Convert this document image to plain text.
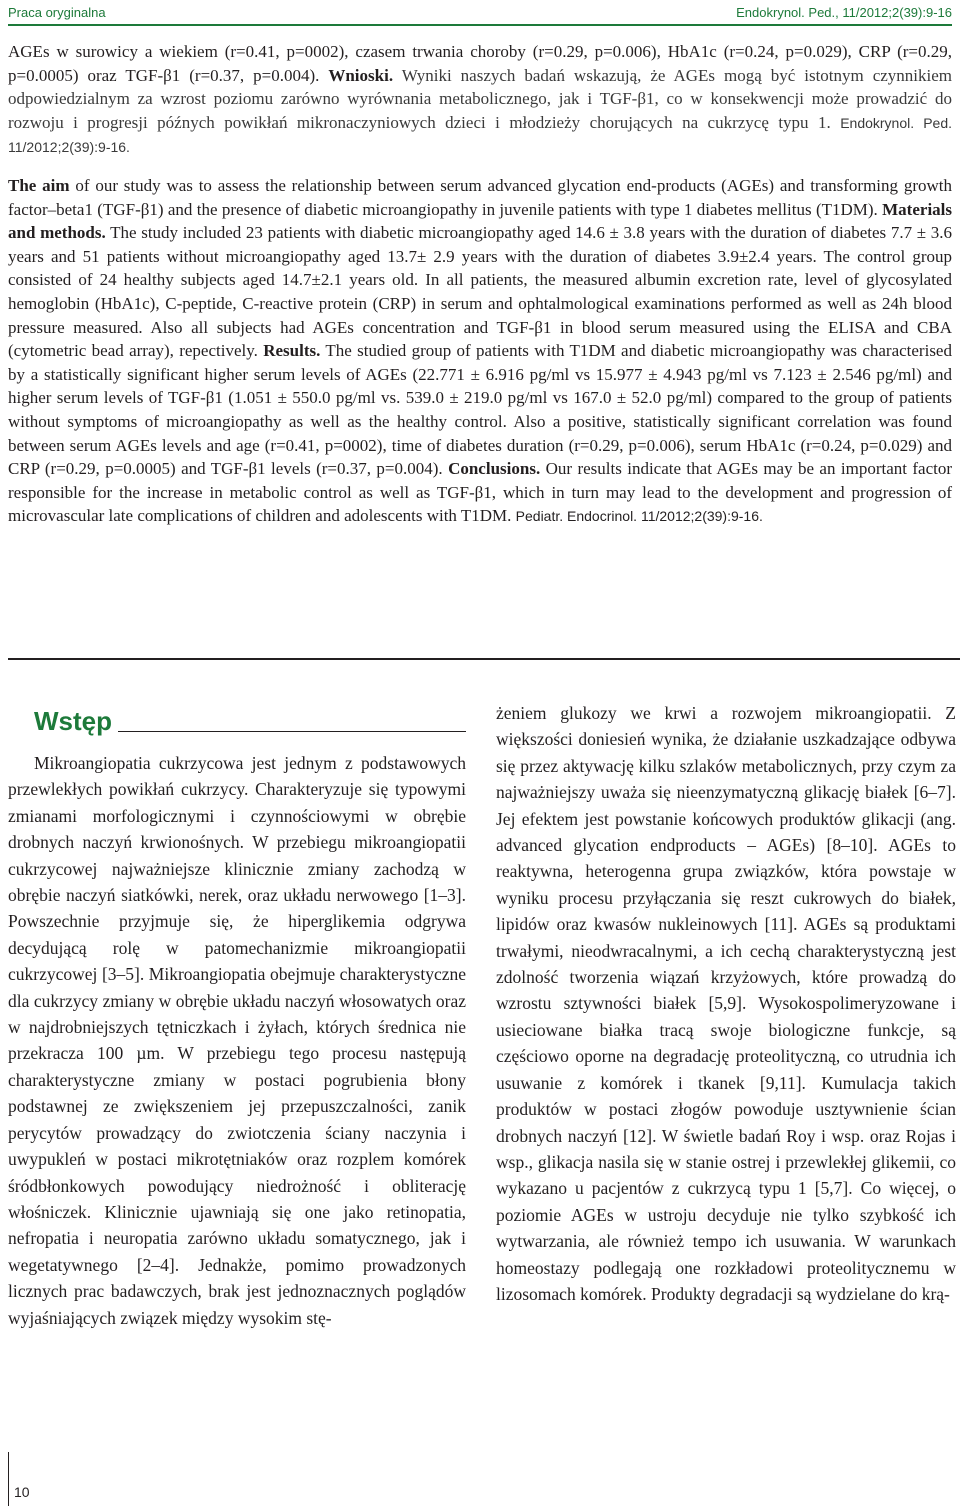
Praca oryginalna	Endokrynol. Ped., 11/2012;2(39):9-16

AGEs w surowicy a wiekiem (r=0.41, p=0002), czasem trwania choroby (r=0.29, p=0.006), HbA1c (r=0.24, p=0.029), CRP (r=0.29, p=0.0005) oraz TGF-β1 (r=0.37, p=0.004). Wnioski. Wyniki naszych badań wskazują, że AGEs mogą być istotnym czynnikiem odpowiedzialnym za wzrost poziomu zarówno wyrównania metabolicznego, jak i TGF-β1, co w konsekwencji może prowadzić do rozwoju i progresji późnych powikłań mikronaczyniowych dzieci i młodzieży chorujących na cukrzycę typu 1. Endokrynol. Ped. 11/2012;2(39):9-16.

The aim of our study was to assess the relationship between serum advanced glycation end-products (AGEs) and transforming growth factor–beta1 (TGF-β1) and the presence of diabetic microangiopathy in juvenile patients with type 1 diabetes mellitus (T1DM). Materials and methods. The study included 23 patients with diabetic microangiopathy aged 14.6 ± 3.8 years with the duration of diabetes 7.7 ± 3.6 years and 51 patients without microangiopathy aged 13.7± 2.9 years with the duration of diabetes 3.9±2.4 years. The control group consisted of 24 healthy subjects aged 14.7±2.1 years old. In all patients, the measured albumin excretion rate, level of glycosylated hemoglobin (HbA1c), C-peptide, C-reactive protein (CRP) in serum and ophtalmological examinations performed as well as 24h blood pressure measured. Also all subjects had AGEs concentration and TGF-β1 in blood serum measured using the ELISA and CBA (cytometric bead array), repectively. Results. The studied group of patients with T1DM and diabetic microangiopathy was characterised by a statistically significant higher serum levels of AGEs (22.771 ± 6.916 pg/ml vs 15.977 ± 4.943 pg/ml vs 7.123 ± 2.546 pg/ml) and higher serum levels of TGF-β1 (1.051 ± 550.0 pg/ml vs. 539.0 ± 219.0 pg/ml vs 167.0 ± 52.0 pg/ml) compared to the group of patients without symptoms of microangiopathy as well as the healthy control. Also a positive, statistically significant correlation was found between serum AGEs levels and age (r=0.41, p=0002), time of diabetes duration (r=0.29, p=0.006), serum HbA1c (r=0.24, p=0.029) and CRP (r=0.29, p=0.0005) and TGF-β1 levels (r=0.37, p=0.004). Conclusions. Our results indicate that AGEs may be an important factor responsible for the increase in metabolic control as well as TGF-β1, which in turn may lead to the development and progression of microvascular late complications of children and adolescents with T1DM. Pediatr. Endocrinol. 11/2012;2(39):9-16.

Wstęp

Mikroangiopatia cukrzycowa jest jednym z podstawowych przewlekłych powikłań cukrzycy. Charakteryzuje się typowymi zmianami morfologicznymi i czynnościowymi w obrębie drobnych naczyń krwionośnych. W przebiegu mikroangiopatii cukrzycowej najważniejsze klinicznie zmiany zachodzą w obrębie naczyń siatkówki, nerek, oraz układu nerwowego [1–3]. Powszechnie przyjmuje się, że hiperglikemia odgrywa decydującą rolę w patomechanizmie mikroangiopatii cukrzycowej [3–5]. Mikroangiopatia obejmuje charakterystyczne dla cukrzycy zmiany w obrębie układu naczyń włosowatych oraz w najdrobniejszych tętniczkach i żyłach, których średnica nie przekracza 100 µm. W przebiegu tego procesu następują charakterystyczne zmiany w postaci pogrubienia błony podstawnej ze zwiększeniem jej przepuszczalności, zanik perycytów prowadzący do zwiotczenia ściany naczynia i uwypukleń w postaci mikrotętniaków oraz rozplem komórek śródbłonkowych powodujący niedrożność i obliterację włośniczek. Klinicznie ujawniają się one jako retinopatia, nefropatia i neuropatia zarówno układu somatycznego, jak i wegetatywnego [2–4]. Jednakże, pomimo prowadzonych licznych prac badawczych, brak jest jednoznacznych poglądów wyjaśniających związek między wysokim stę-

żeniem glukozy we krwi a rozwojem mikroangiopatii. Z większości doniesień wynika, że działanie uszkadzające odbywa się przez aktywację kilku szlaków metabolicznych, przy czym za najważniejszy uważa się nieenzymatyczną glikację białek [6–7]. Jej efektem jest powstanie końcowych produktów glikacji (ang. advanced glycation endproducts – AGEs) [8–10]. AGEs to reaktywna, heterogenna grupa związków, która powstaje w wyniku procesu przyłączania się reszt cukrowych do białek, lipidów oraz kwasów nukleinowych [11]. AGEs są produktami trwałymi, nieodwracalnymi, a ich cechą charakterystyczną jest zdolność tworzenia wiązań krzyżowych, które prowadzą do wzrostu sztywności białek [5,9]. Wysokospolimeryzowane i usieciowane białka tracą swoje biologiczne funkcje, są częściowo oporne na degradację proteolityczną, co utrudnia ich usuwanie z komórek i tkanek [9,11]. Kumulacja takich produktów w postaci złogów powoduje usztywnienie ścian drobnych naczyń [12]. W świetle badań Roy i wsp. oraz Rojas i wsp., glikacja nasila się w stanie ostrej i przewlekłej glikemii, co wykazano u pacjentów z cukrzycą typu 1 [5,7]. Co więcej, o poziomie AGEs w ustroju decyduje nie tylko szybkość ich wytwarzania, ale również tempo ich usuwania. W warunkach homeostazy podlegają one rozkładowi proteolitycznemu w lizosomach komórek. Produkty degradacji są wydzielane do krą-

10
